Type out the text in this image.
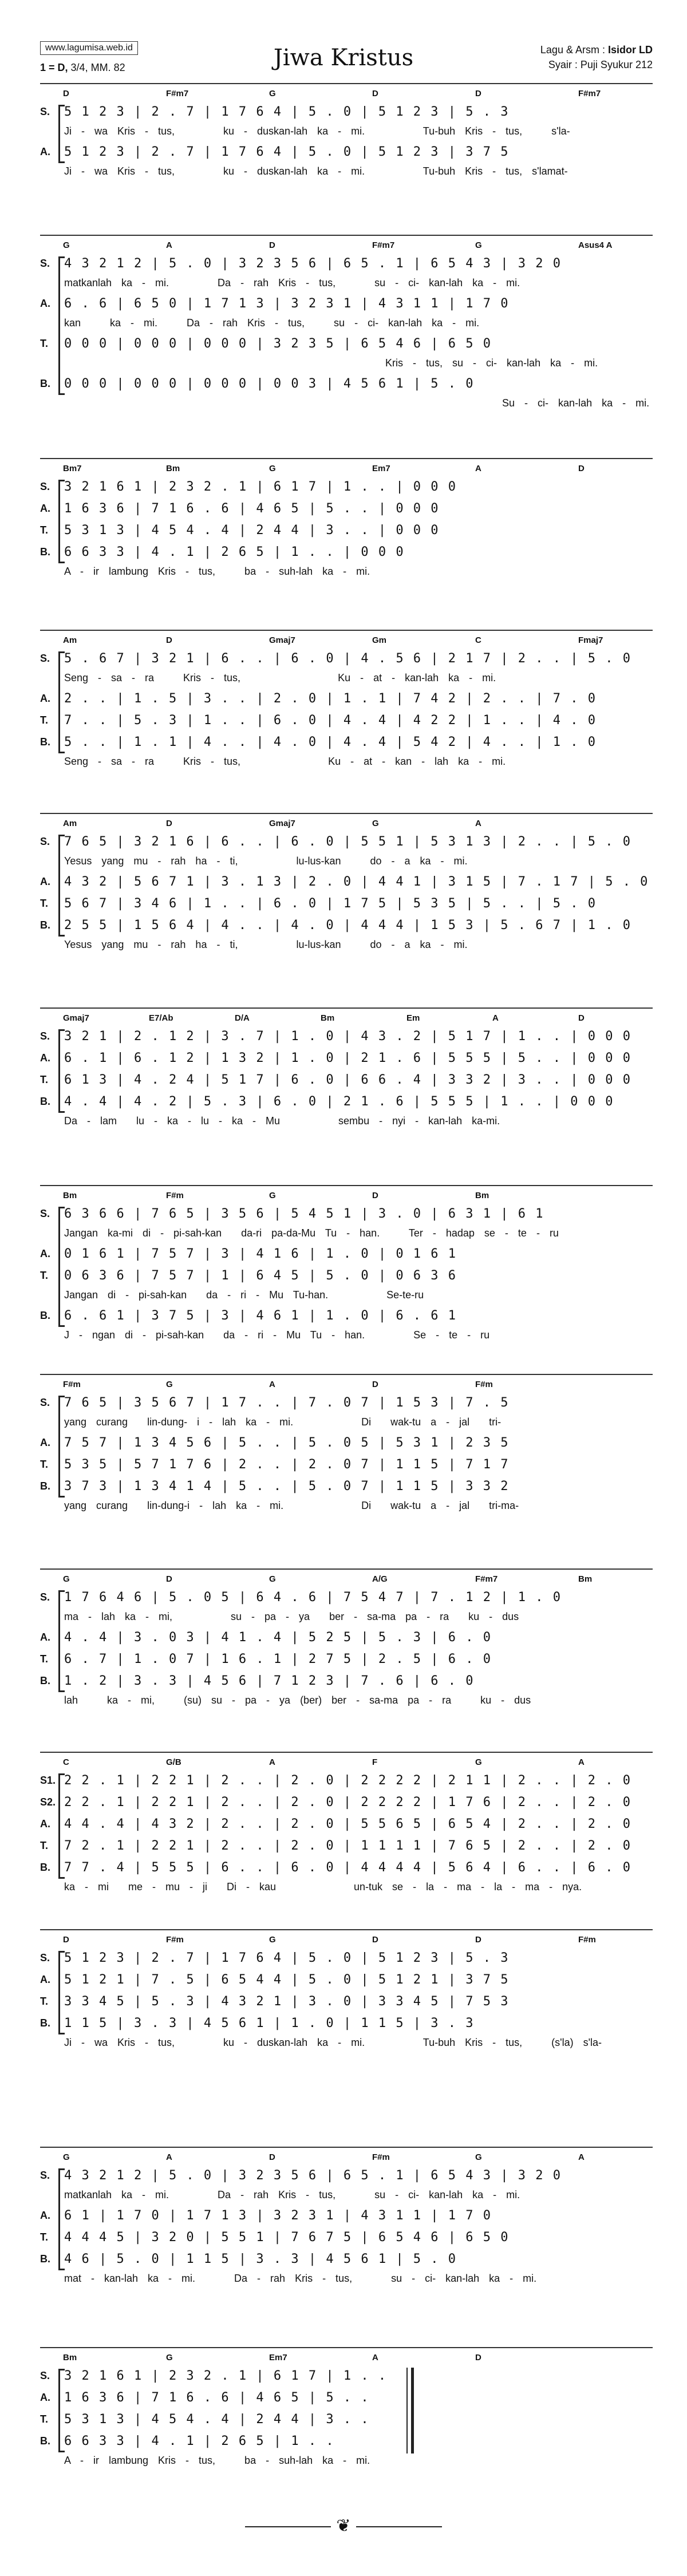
www.lagumisa.web.id
1 = D, 3/4, MM. 82	Jiwa Kristus	Lagu & Arsm : Isidor LD
Syair : Puji Syukur 212
D	F#m7	G	D	D	F#m7
S.	5 1 2 3 | 2 . 7 | 1 7 6 4 | 5 . 0 | 5 1 2 3 | 5 . 3
Ji - wa Kris - tus,     ku - duskan-lah ka - mi.      Tu-buh Kris - tus,   s'la-
A.	5 1 2 3 | 2 . 7 | 1 7 6 4 | 5 . 0 | 5 1 2 3 | 3 7 5
Ji - wa Kris - tus,     ku - duskan-lah ka - mi.      Tu-buh Kris - tus, s'lamat-
G	A	D	F#m7	G	Asus4 A
S.	4 3 2 1 2 | 5 . 0 | 3 2 3 5 6 | 6 5 . 1 | 6 5 4 3 | 3 2 0
matkanlah ka - mi.     Da - rah Kris - tus,    su - ci- kan-lah ka - mi.
A.	6 . 6 | 6 5 0 | 1 7 1 3 | 3 2 3 1 | 4 3 1 1 | 1 7 0
kan   ka - mi.   Da - rah Kris - tus,   su - ci- kan-lah ka - mi.
T.	0 0 0 | 0 0 0 | 0 0 0 | 3 2 3 5 | 6 5 4 6 | 6 5 0
Kris - tus, su - ci- kan-lah ka - mi.
B.	0 0 0 | 0 0 0 | 0 0 0 | 0 0 3 | 4 5 6 1 | 5 . 0
Su - ci- kan-lah ka - mi.
Bm7	Bm	G	Em7	A	D
S.	3 2 1 6 1 | 2 3 2 . 1 | 6 1 7 | 1 . . | 0 0 0
A.	1 6 3 6 | 7 1 6 . 6 | 4 6 5 | 5 . . | 0 0 0
T.	5 3 1 3 | 4 5 4 . 4 | 2 4 4 | 3 . . | 0 0 0
B.	6 6 3 3 | 4 . 1 | 2 6 5 | 1 . . | 0 0 0
A - ir lambung Kris - tus,   ba - suh-lah ka - mi.
Am	D	Gmaj7	Gm	C	Fmaj7
S.	5 . 6 7 | 3 2 1 | 6 . . | 6 . 0 | 4 . 5 6 | 2 1 7 | 2 . . | 5 . 0
Seng - sa - ra   Kris - tus,          Ku - at - kan-lah ka - mi.
A.	2 . . | 1 . 5 | 3 . . | 2 . 0 | 1 . 1 | 7 4 2 | 2 . . | 7 . 0
T.	7 . . | 5 . 3 | 1 . . | 6 . 0 | 4 . 4 | 4 2 2 | 1 . . | 4 . 0
B.	5 . . | 1 . 1 | 4 . . | 4 . 0 | 4 . 4 | 5 4 2 | 4 . . | 1 . 0
Seng - sa - ra   Kris - tus,         Ku - at - kan - lah ka - mi.
Am	D	Gmaj7	G	A
S.	7 6 5 | 3 2 1 6 | 6 . . | 6 . 0 | 5 5 1 | 5 3 1 3 | 2 . . | 5 . 0
Yesus yang mu - rah ha - ti,      lu-lus-kan   do - a ka - mi.
A.	4 3 2 | 5 6 7 1 | 3 . 1 3 | 2 . 0 | 4 4 1 | 3 1 5 | 7 . 1 7 | 5 . 0
T.	5 6 7 | 3 4 6 | 1 . . | 6 . 0 | 1 7 5 | 5 3 5 | 5 . . | 5 . 0
B.	2 5 5 | 1 5 6 4 | 4 . . | 4 . 0 | 4 4 4 | 1 5 3 | 5 . 6 7 | 1 . 0
Yesus yang mu - rah ha - ti,      lu-lus-kan   do - a ka - mi.
Gmaj7	E7/Ab	D/A	Bm	Em	A	D
S.	3 2 1 | 2 . 1 2 | 3 . 7 | 1 . 0 | 4 3 . 2 | 5 1 7 | 1 . . | 0 0 0
A.	6 . 1 | 6 . 1 2 | 1 3 2 | 1 . 0 | 2 1 . 6 | 5 5 5 | 5 . . | 0 0 0
T.	6 1 3 | 4 . 2 4 | 5 1 7 | 6 . 0 | 6 6 . 4 | 3 3 2 | 3 . . | 0 0 0
B.	4 . 4 | 4 . 2 | 5 . 3 | 6 . 0 | 2 1 . 6 | 5 5 5 | 1 . . | 0 0 0
Da - lam  lu - ka - lu - ka - Mu      sembu - nyi - kan-lah ka-mi.
Bm	F#m	G	D	Bm
S.	6 3 6 6 | 7 6 5 | 3 5 6 | 5 4 5 1 | 3 . 0 | 6 3 1 | 6 1
Jangan ka-mi di - pi-sah-kan  da-ri pa-da-Mu Tu - han.   Ter - hadap se - te - ru
A.	0 1 6 1 | 7 5 7 | 3 | 4 1 6 | 1 . 0 | 0 1 6 1
T.	0 6 3 6 | 7 5 7 | 1 | 6 4 5 | 5 . 0 | 0 6 3 6
Jangan di - pi-sah-kan  da - ri - Mu Tu-han.      Se-te-ru
B.	6 . 6 1 | 3 7 5 | 3 | 4 6 1 | 1 . 0 | 6 . 6 1
J - ngan di - pi-sah-kan  da - ri - Mu Tu - han.     Se - te - ru
F#m	G	A	D	F#m
S.	7 6 5 | 3 5 6 7 | 1 7 . . | 7 . 0 7 | 1 5 3 | 7 . 5
yang curang  lin-dung- i - lah ka - mi.       Di  wak-tu a - jal  tri-
A.	7 5 7 | 1 3 4 5 6 | 5 . . | 5 . 0 5 | 5 3 1 | 2 3 5
T.	5 3 5 | 5 7 1 7 6 | 2 . . | 2 . 0 7 | 1 1 5 | 7 1 7
B.	3 7 3 | 1 3 4 1 4 | 5 . . | 5 . 0 7 | 1 1 5 | 3 3 2
yang curang  lin-dung-i - lah ka - mi.        Di  wak-tu a - jal  tri-ma-
G	D	G	A/G	F#m7	Bm
S.	1 7 6 4 6 | 5 . 0 5 | 6 4 . 6 | 7 5 4 7 | 7 . 1 2 | 1 . 0
ma - lah ka - mi,      su - pa - ya  ber - sa-ma pa - ra  ku - dus
A.	4 . 4 | 3 . 0 3 | 4 1 . 4 | 5 2 5 | 5 . 3 | 6 . 0
T.	6 . 7 | 1 . 0 7 | 1 6 . 1 | 2 7 5 | 2 . 5 | 6 . 0
B.	1 . 2 | 3 . 3 | 4 5 6 | 7 1 2 3 | 7 . 6 | 6 . 0
lah   ka - mi,   (su) su - pa - ya (ber) ber - sa-ma pa - ra   ku - dus
C	G/B	A	F	G	A
S1. 2 2 . 1 | 2 2 1 | 2 . . | 2 . 0 | 2 2 2 2 | 2 1 1 | 2 . . | 2 . 0
S2. 2 2 . 1 | 2 2 1 | 2 . . | 2 . 0 | 2 2 2 2 | 1 7 6 | 2 . . | 2 . 0
A.	4 4 . 4 | 4 3 2 | 2 . . | 2 . 0 | 5 5 6 5 | 6 5 4 | 2 . . | 2 . 0
T.	7 2 . 1 | 2 2 1 | 2 . . | 2 . 0 | 1 1 1 1 | 7 6 5 | 2 . . | 2 . 0
B.	7 7 . 4 | 5 5 5 | 6 . . | 6 . 0 | 4 4 4 4 | 5 6 4 | 6 . . | 6 . 0
ka - mi  me - mu - ji  Di - kau        un-tuk se - la - ma - la - ma - nya.
D	F#m	G	D	D	F#m
S.	5 1 2 3 | 2 . 7 | 1 7 6 4 | 5 . 0 | 5 1 2 3 | 5 . 3
A.	5 1 2 1 | 7 . 5 | 6 5 4 4 | 5 . 0 | 5 1 2 1 | 3 7 5
T.	3 3 4 5 | 5 . 3 | 4 3 2 1 | 3 . 0 | 3 3 4 5 | 7 5 3
B.	1 1 5 | 3 . 3 | 4 5 6 1 | 1 . 0 | 1 1 5 | 3 . 3
Ji - wa Kris - tus,     ku - duskan-lah ka - mi.      Tu-buh Kris - tus,   (s'la) s'la-
G	A	D	F#m	G	A
S.	4 3 2 1 2 | 5 . 0 | 3 2 3 5 6 | 6 5 . 1 | 6 5 4 3 | 3 2 0
matkanlah ka - mi.     Da - rah Kris - tus,    su - ci- kan-lah ka - mi.
A.	6 1 | 1 7 0 | 1 7 1 3 | 3 2 3 1 | 4 3 1 1 | 1 7 0
T.	4 4 4 5 | 3 2 0 | 5 5 1 | 7 6 7 5 | 6 5 4 6 | 6 5 0
B.	4 6 | 5 . 0 | 1 1 5 | 3 . 3 | 4 5 6 1 | 5 . 0
mat - kan-lah ka - mi.    Da - rah Kris - tus,    su - ci- kan-lah ka - mi.
Bm	G	Em7	A	D
S.	3 2 1 6 1 | 2 3 2 . 1 | 6 1 7 | 1 . .
A.	1 6 3 6 | 7 1 6 . 6 | 4 6 5 | 5 . .
T.	5 3 1 3 | 4 5 4 . 4 | 2 4 4 | 3 . .
B.	6 6 3 3 | 4 . 1 | 2 6 5 | 1 . .
A - ir lambung Kris - tus,   ba - suh-lah ka - mi.
❦
